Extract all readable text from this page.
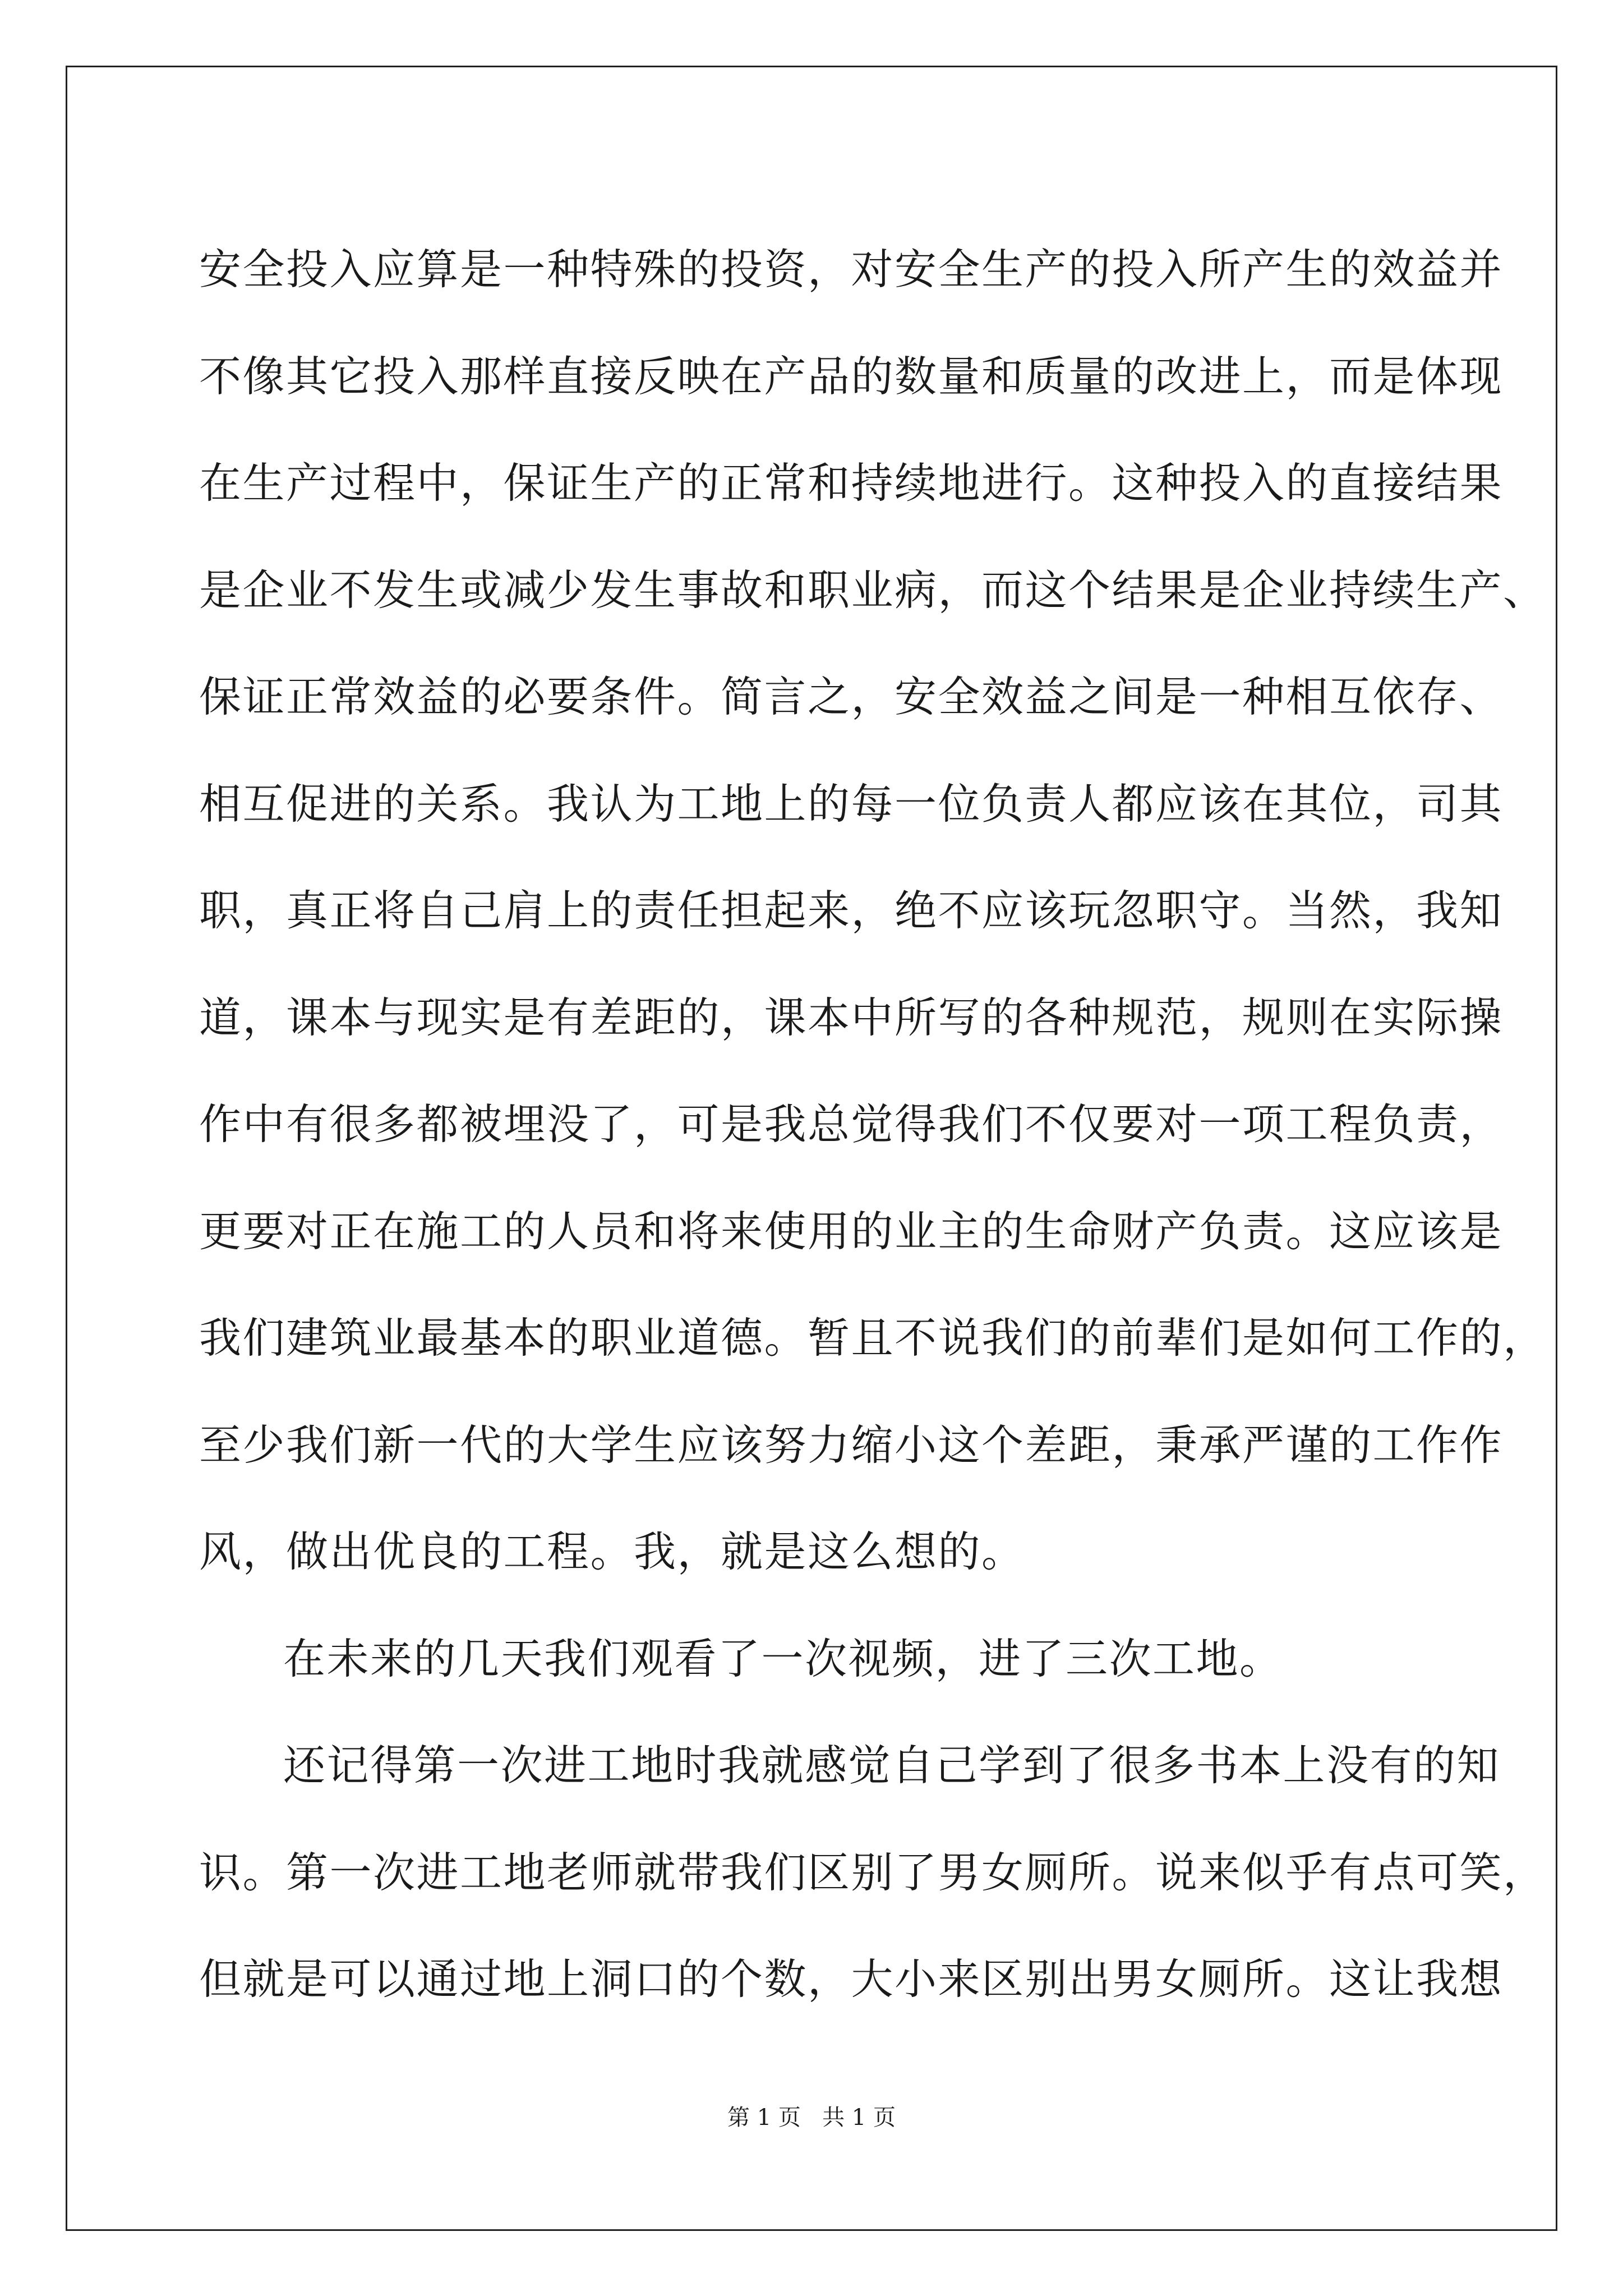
安全投入应算是一种特殊的投资，对安全生产的投入所产生的效益并
不像其它投入那样直接反映在产品的数量和质量的改进上，而是体现
在生产过程中，保证生产的正常和持续地进行。这种投入的直接结果
是企业不发生或减少发生事故和职业病，而这个结果是企业持续生产、
保证正常效益的必要条件。简言之，安全效益之间是一种相互依存、
相互促进的关系。我认为工地上的每一位负责人都应该在其位，司其
职，真正将自己肩上的责任担起来，绝不应该玩忽职守。当然，我知
道，课本与现实是有差距的，课本中所写的各种规范，规则在实际操
作中有很多都被埋没了，可是我总觉得我们不仅要对一项工程负责，
更要对正在施工的人员和将来使用的业主的生命财产负责。这应该是
我们建筑业最基本的职业道德。暂且不说我们的前辈们是如何工作的，
至少我们新一代的大学生应该努力缩小这个差距，秉承严谨的工作作
风，做出优良的工程。我，就是这么想的。
在未来的几天我们观看了一次视频，进了三次工地。
还记得第一次进工地时我就感觉自己学到了很多书本上没有的知
识。第一次进工地老师就带我们区别了男女厕所。说来似乎有点可笑，
但就是可以通过地上洞口的个数，大小来区别出男女厕所。这让我想
第 1 页   共 1 页
